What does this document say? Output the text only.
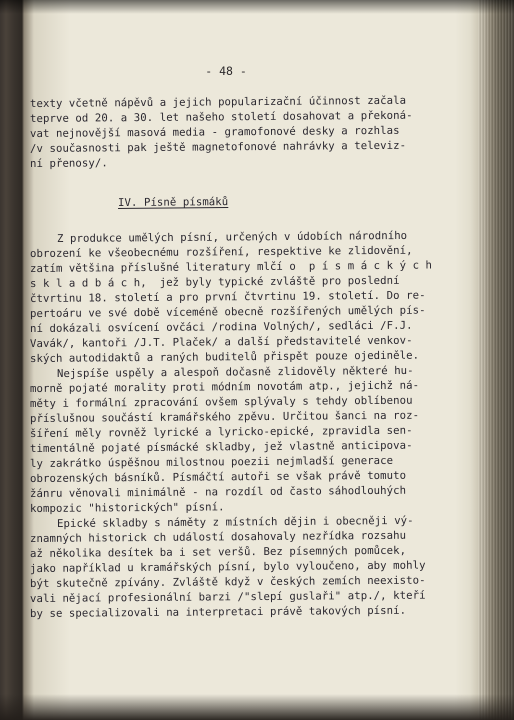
- 48 -
texty včetně nápěvů a jejich popularizační účinnost začala
teprve od 20. a 30. let našeho století dosahovat a překoná-
vat nejnovější masová media - gramofonové desky a rozhlas
/v současnosti pak ještě magnetofonové nahrávky a televiz-
ní přenosy/.
IV. Písně písmáků
Z produkce umělých písní, určených v údobích národního
obrození ke všeobecnému rozšíření, respektive ke zlidovění,
zatím většina příslušné literatury mlčí o  p í s m á c k ý c h
s k l a d b á c h,  jež byly typické zvláště pro poslední
čtvrtinu 18. století a pro první čtvrtinu 19. století. Do re-
pertoáru ve své době víceméně obecně rozšířených umělých pís-
ní dokázali osvícení ovčáci /rodina Volných/, sedláci /F.J.
Vavák/, kantoři /J.T. Plaček/ a další představitelé venkov-
ských autodidaktů a raných buditelů přispět pouze ojediněle.
Nejspíše uspěly a alespoň dočasně zlidověly některé hu-
morně pojaté morality proti módním novotám atp., jejichž ná-
měty i formální zpracování ovšem splývaly s tehdy oblíbenou
příslušnou součástí kramářského zpěvu. Určitou šanci na roz-
šíření měly rovněž lyrické a lyricko-epické, zpravidla sen-
timentálně pojaté písmácké skladby, jež vlastně anticipova-
ly zakrátko úspěšnou milostnou poezii nejmladší generace
obrozenských básníků. Písmáčtí autoři se však právě tomuto
žánru věnovali minimálně - na rozdíl od často sáhodlouhých
kompozic "historických" písní.
Epické skladby s náměty z místních dějin i obecněji vý-
znamných historick ch událostí dosahovaly nezřídka rozsahu
až několika desítek ba i set veršů. Bez písemných pomůcek,
jako například u kramářských písní, bylo vyloučeno, aby mohly
být skutečně zpívány. Zvláště když v českých zemích neexisto-
vali nějací profesionální barzi /"slepí guslaři" atp./, kteří
by se specializovali na interpretaci právě takových písní.
